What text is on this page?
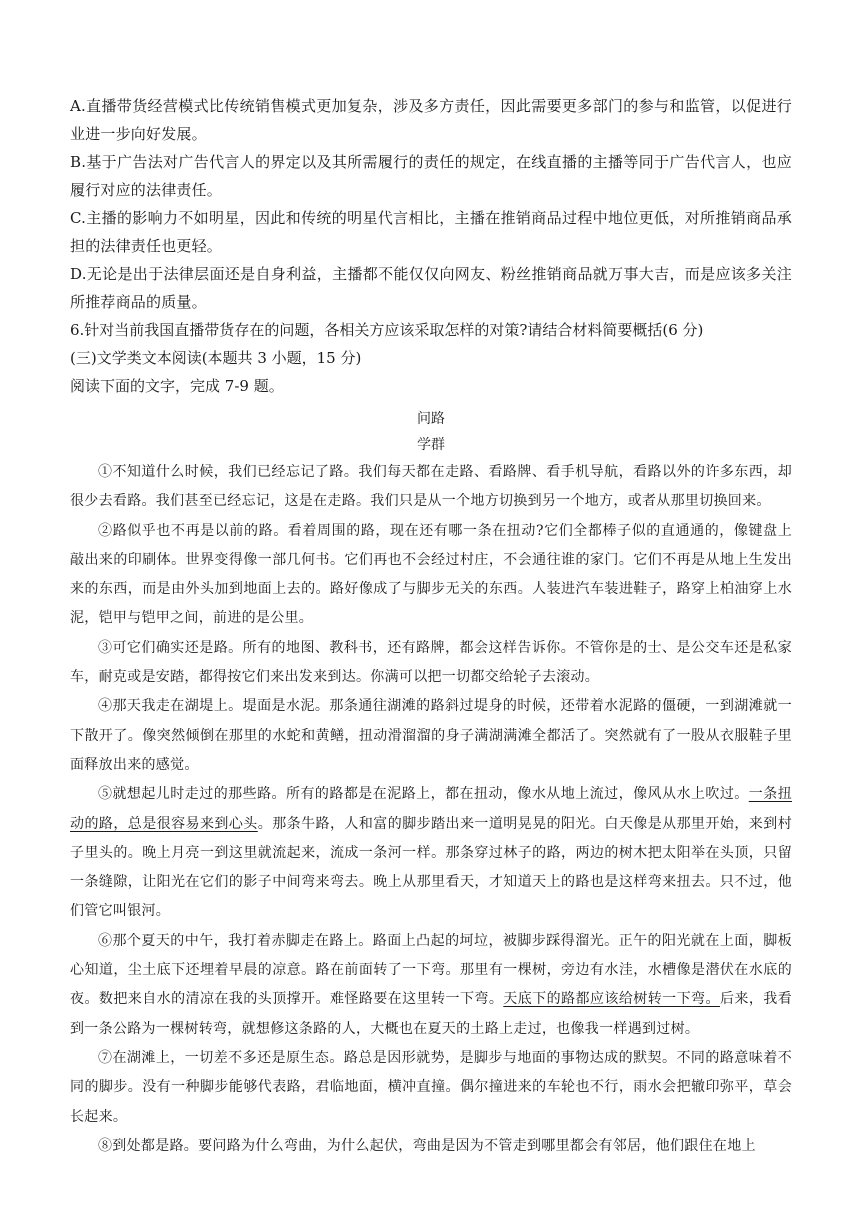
A.直播带货经营模式比传统销售模式更加复杂，涉及多方责任，因此需要更多部门的参与和监管，以促进行业进一步向好发展。

B.基于广告法对广告代言人的界定以及其所需履行的责任的规定，在线直播的主播等同于广告代言人，也应履行对应的法律责任。

C.主播的影响力不如明星，因此和传统的明星代言相比，主播在推销商品过程中地位更低，对所推销商品承担的法律责任也更轻。

D.无论是出于法律层面还是自身利益，主播都不能仅仅向网友、粉丝推销商品就万事大吉，而是应该多关注所推荐商品的质量。

6.针对当前我国直播带货存在的问题，各相关方应该采取怎样的对策?请结合材料简要概括(6 分)

(三)文学类文本阅读(本题共 3 小题，15 分)

阅读下面的文字，完成 7-9 题。

问路

学群

①不知道什么时候，我们已经忘记了路。我们每天都在走路、看路牌、看手机导航，看路以外的许多东西，却很少去看路。我们甚至已经忘记，这是在走路。我们只是从一个地方切换到另一个地方，或者从那里切换回来。

②路似乎也不再是以前的路。看着周围的路，现在还有哪一条在扭动?它们全都棒子似的直通通的，像键盘上敲出来的印刷体。世界变得像一部几何书。它们再也不会经过村庄，不会通往谁的家门。它们不再是从地上生发出来的东西，而是由外头加到地面上去的。路好像成了与脚步无关的东西。人装进汽车装进鞋子，路穿上柏油穿上水泥，铠甲与铠甲之间，前进的是公里。

③可它们确实还是路。所有的地图、教科书，还有路牌，都会这样告诉你。不管你是的士、是公交车还是私家车，耐克或是安踏，都得按它们来出发来到达。你满可以把一切都交给轮子去滚动。

④那天我走在湖堤上。堤面是水泥。那条通往湖滩的路斜过堤身的时候，还带着水泥路的僵硬，一到湖滩就一下散开了。像突然倾倒在那里的水蛇和黄鳝，扭动滑溜溜的身子满湖满滩全都活了。突然就有了一股从衣服鞋子里面释放出来的感觉。

⑤就想起儿时走过的那些路。所有的路都是在泥路上，都在扭动，像水从地上流过，像风从水上吹过。一条扭动的路，总是很容易来到心头。那条牛路，人和富的脚步踏出来一道明晃晃的阳光。白天像是从那里开始，来到村子里头的。晚上月亮一到这里就流起来，流成一条河一样。那条穿过林子的路，两边的树木把太阳举在头顶，只留一条缝隙，让阳光在它们的影子中间弯来弯去。晚上从那里看天，才知道天上的路也是这样弯来扭去。只不过，他们管它叫银河。

⑥那个夏天的中午，我打着赤脚走在路上。路面上凸起的坷垃，被脚步踩得溜光。正午的阳光就在上面，脚板心知道，尘土底下还埋着早晨的凉意。路在前面转了一下弯。那里有一棵树，旁边有水洼，水槽像是潜伏在水底的夜。数把来自水的清凉在我的头顶撑开。难怪路要在这里转一下弯。天底下的路都应该给树转一下弯。后来，我看到一条公路为一棵树转弯，就想修这条路的人，大概也在夏天的土路上走过，也像我一样遇到过树。

⑦在湖滩上，一切差不多还是原生态。路总是因形就势，是脚步与地面的事物达成的默契。不同的路意味着不同的脚步。没有一种脚步能够代表路，君临地面，横冲直撞。偶尔撞进来的车轮也不行，雨水会把辙印弥平，草会长起来。

⑧到处都是路。要问路为什么弯曲，为什么起伏，弯曲是因为不管走到哪里都会有邻居，他们跟住在地上
